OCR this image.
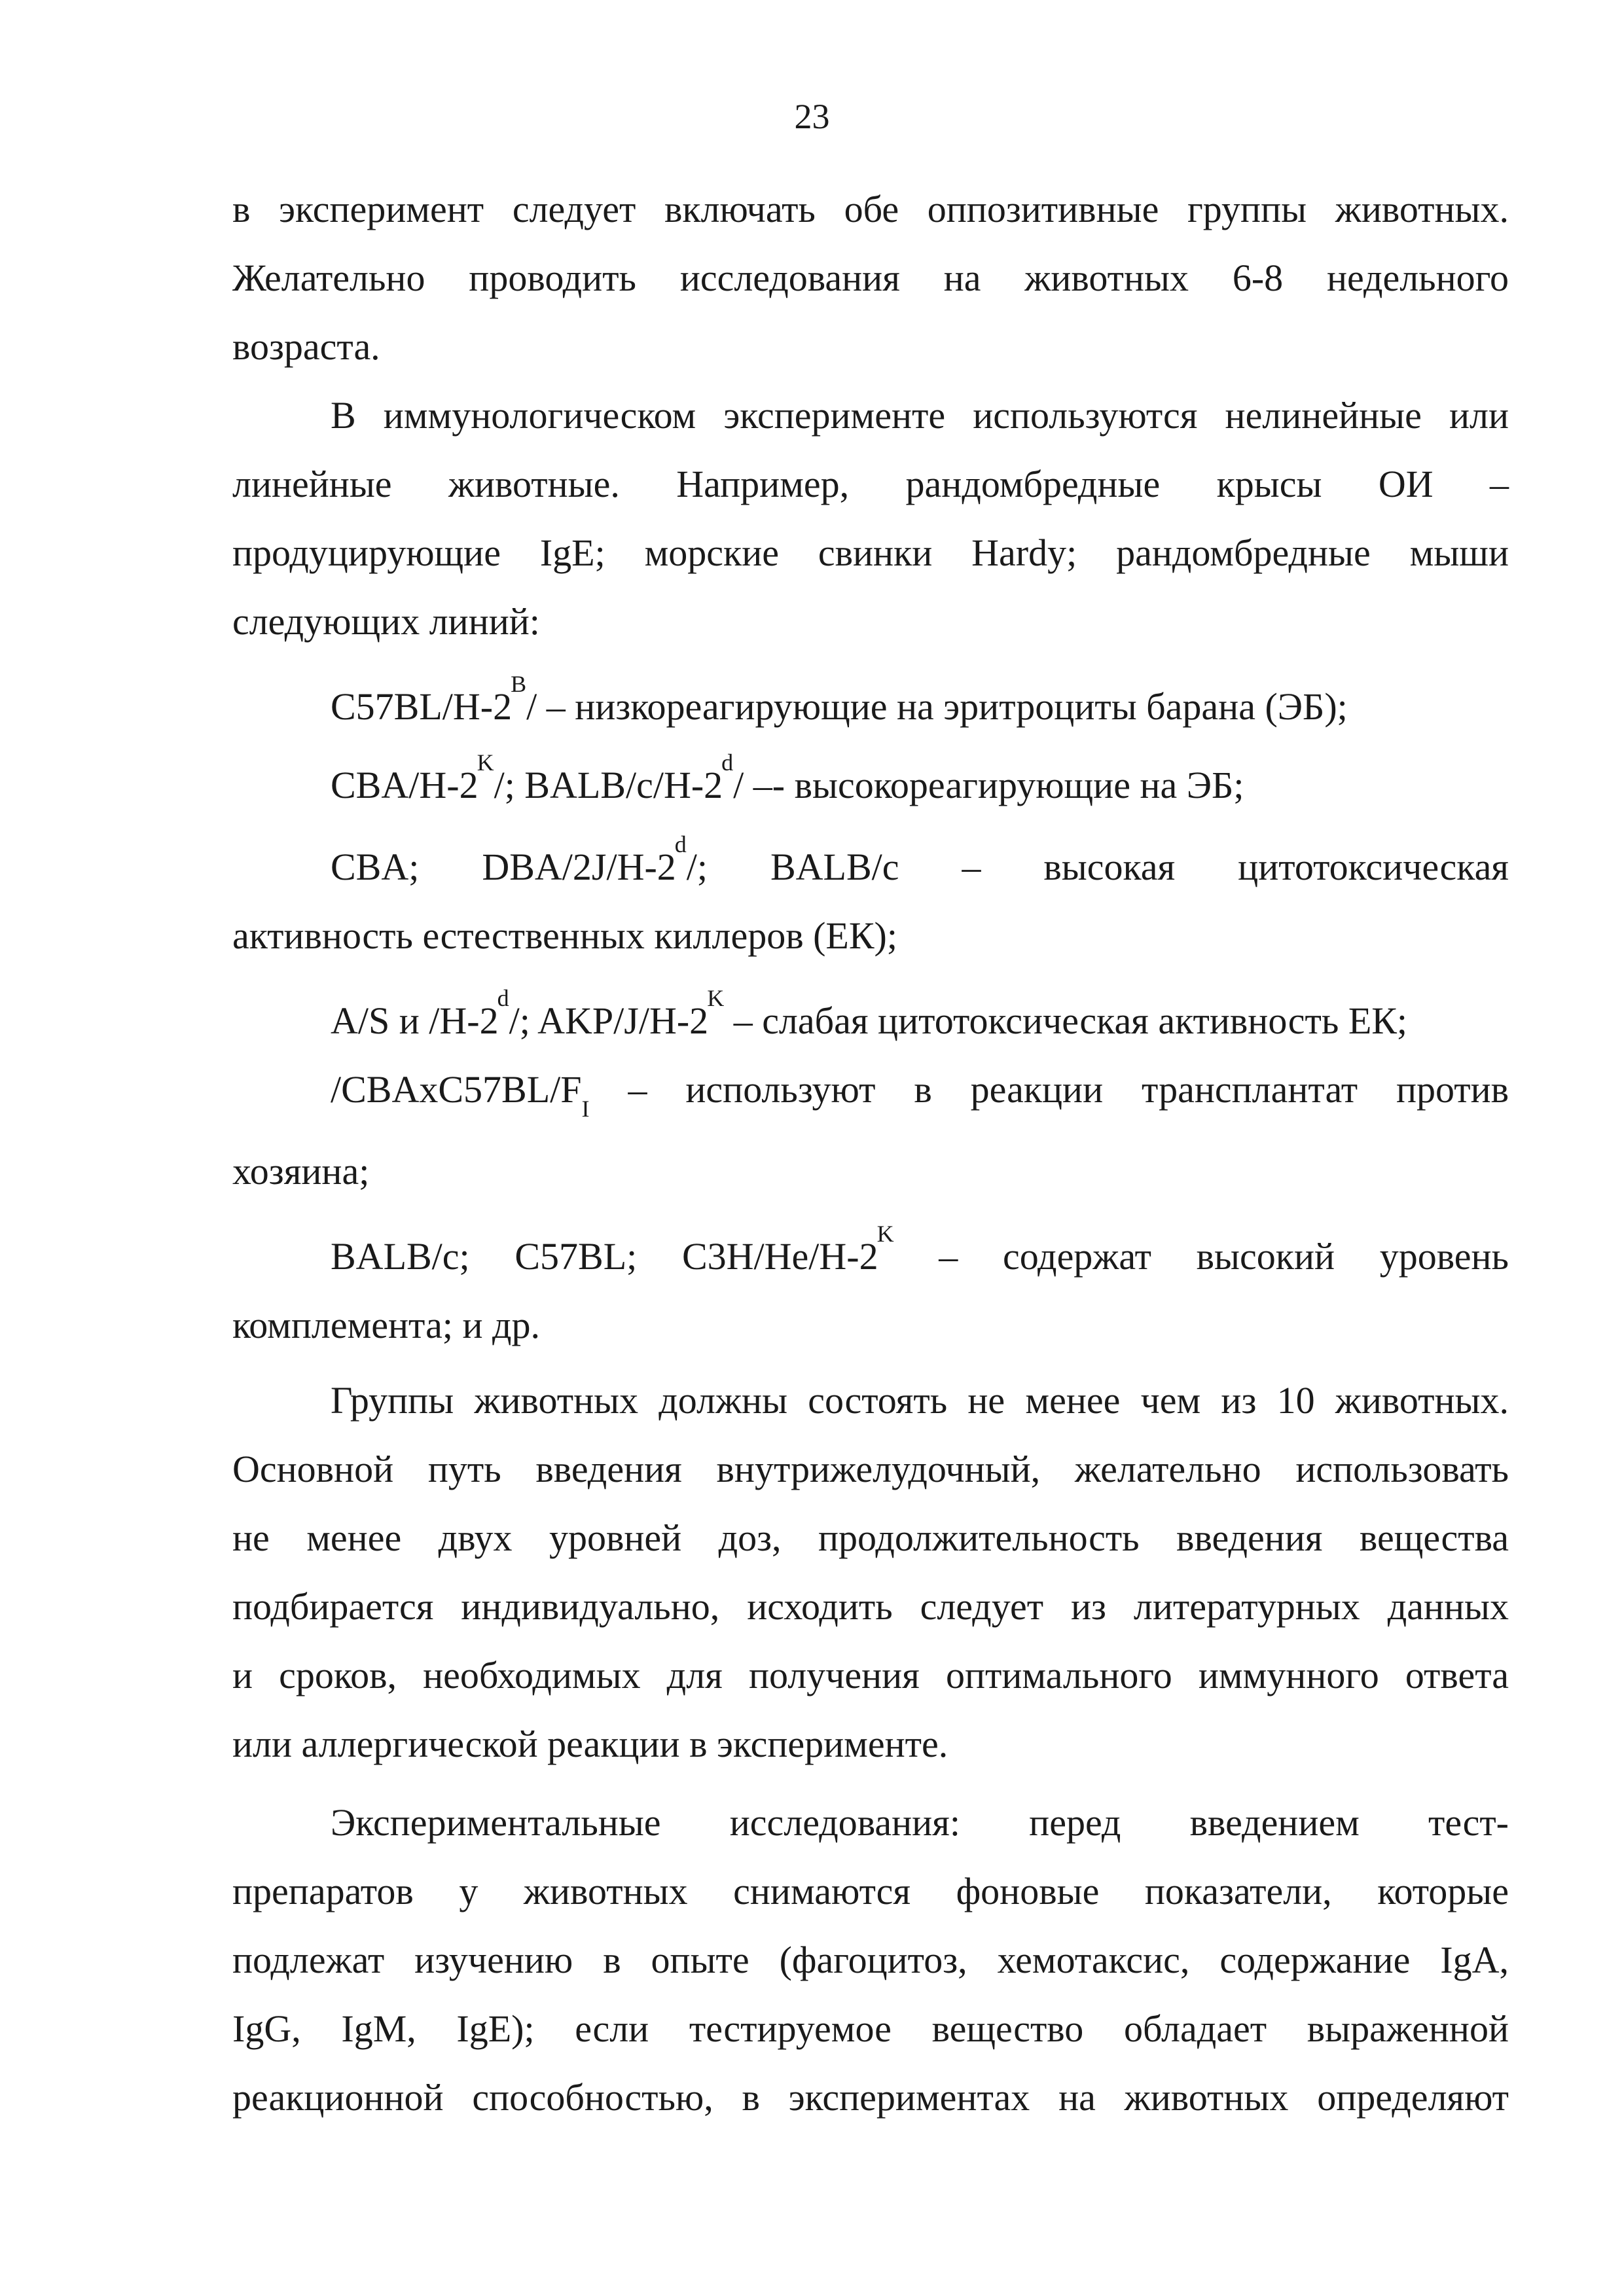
23
в эксперимент следует включать обе оппозитивные группы животных.
Желательно проводить исследования на животных 6-8 недельного
возраста.
В иммунологическом эксперименте используются нелинейные или
линейные животные. Например, рандомбредные крысы ОИ –
продуцирующие IgE; морские свинки Hardy; рандомбредные мыши
следующих линий:
$C57BL/H-2^B/$ – низкореагирующие на эритроциты барана (ЭБ);
CBA/$H-2^K/$; BALB/c/H-2$^d$/ –- высокореагирующие на ЭБ;
CBA; DBA/2J/H-2$^d$/; BALB/c – высокая цитотоксическая
активность естественных киллеров (ЕК);
A/S и /H-2$^d$/; AKP/$J/H-2^K$ – слабая цитотоксическая активность ЕК;
$/CBAxC57BL/F_I$ – используют в реакции трансплантат против
хозяина;
BALB/c; C57BL; $C3H/He/H-2^K$ – содержат высокий уровень
комплемента; и др.
Группы животных должны состоять не менее чем из 10 животных.
Основной путь введения внутрижелудочный, желательно использовать
не менее двух уровней доз, продолжительность введения вещества
подбирается индивидуально, исходить следует из литературных данных
и сроков, необходимых для получения оптимального иммунного ответа
или аллергической реакции в эксперименте.
Экспериментальные исследования: перед введением тест-
препаратов у животных снимаются фоновые показатели, которые
подлежат изучению в опыте (фагоцитоз, хемотаксис, содержание IgA,
IgG, IgM, IgE); если тестируемое вещество обладает выраженной
реакционной способностью, в экспериментах на животных определяют
